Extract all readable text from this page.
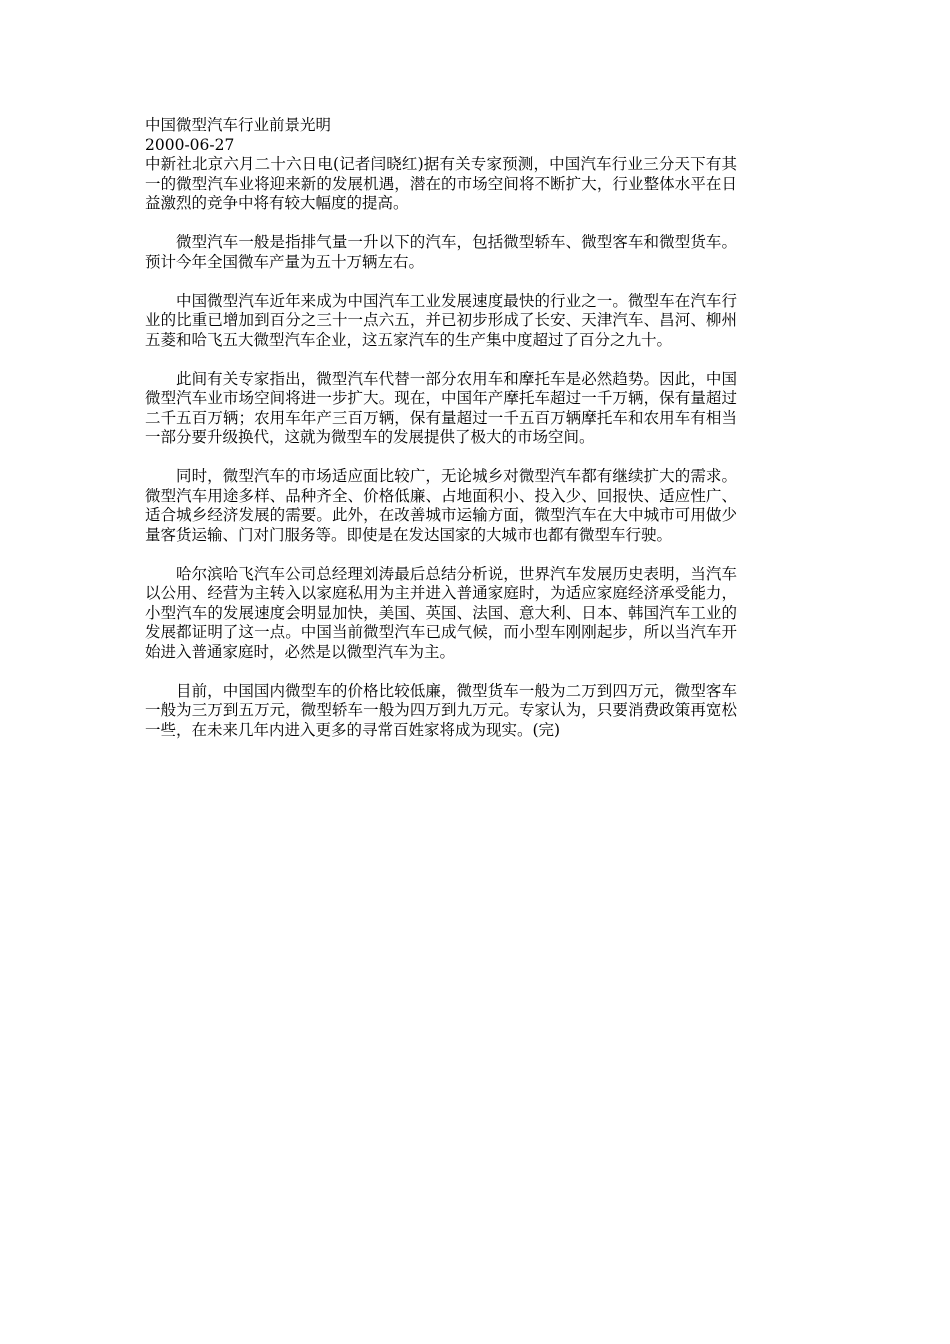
中国微型汽车行业前景光明
2000-06-27

中新社北京六月二十六日电(记者闫晓红)据有关专家预测，中国汽车行业三分天下有其一的微型汽车业将迎来新的发展机遇，潜在的市场空间将不断扩大，行业整体水平在日益激烈的竞争中将有较大幅度的提高。

微型汽车一般是指排气量一升以下的汽车，包括微型轿车、微型客车和微型货车。预计今年全国微车产量为五十万辆左右。

中国微型汽车近年来成为中国汽车工业发展速度最快的行业之一。微型车在汽车行业的比重已增加到百分之三十一点六五，并已初步形成了长安、天津汽车、昌河、柳州五菱和哈飞五大微型汽车企业，这五家汽车的生产集中度超过了百分之九十。

此间有关专家指出，微型汽车代替一部分农用车和摩托车是必然趋势。因此，中国微型汽车业市场空间将进一步扩大。现在，中国年产摩托车超过一千万辆，保有量超过二千五百万辆；农用车年产三百万辆，保有量超过一千五百万辆摩托车和农用车有相当一部分要升级换代，这就为微型车的发展提供了极大的市场空间。

同时，微型汽车的市场适应面比较广，无论城乡对微型汽车都有继续扩大的需求。微型汽车用途多样、品种齐全、价格低廉、占地面积小、投入少、回报快、适应性广、适合城乡经济发展的需要。此外，在改善城市运输方面，微型汽车在大中城市可用做少量客货运输、门对门服务等。即使是在发达国家的大城市也都有微型车行驶。

哈尔滨哈飞汽车公司总经理刘涛最后总结分析说，世界汽车发展历史表明，当汽车以公用、经营为主转入以家庭私用为主并进入普通家庭时，为适应家庭经济承受能力，小型汽车的发展速度会明显加快，美国、英国、法国、意大利、日本、韩国汽车工业的发展都证明了这一点。中国当前微型汽车已成气候，而小型车刚刚起步，所以当汽车开始进入普通家庭时，必然是以微型汽车为主。

目前，中国国内微型车的价格比较低廉，微型货车一般为二万到四万元，微型客车一般为三万到五万元，微型轿车一般为四万到九万元。专家认为，只要消费政策再宽松一些，在未来几年内进入更多的寻常百姓家将成为现实。(完)
